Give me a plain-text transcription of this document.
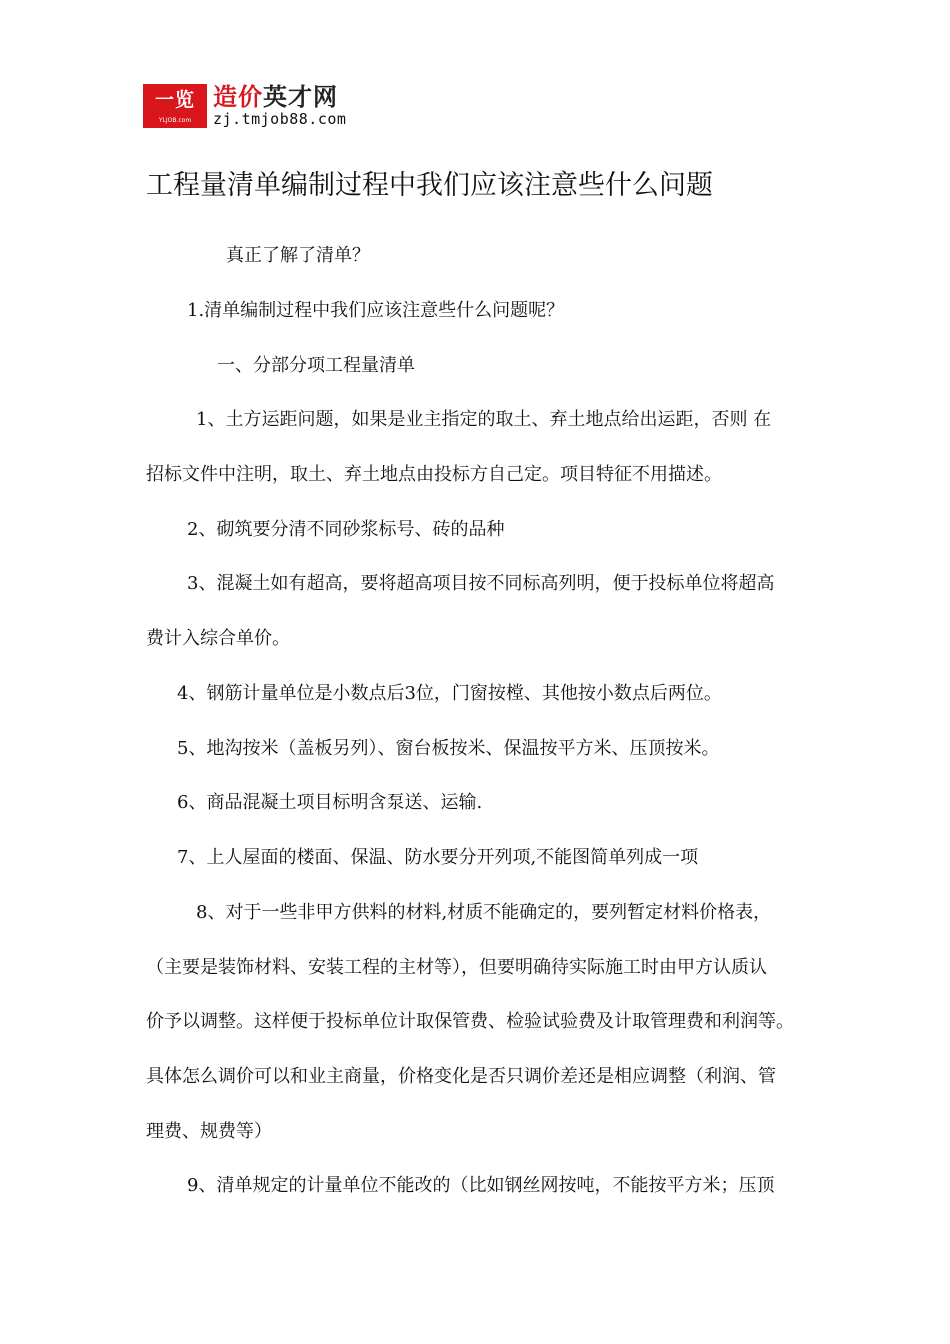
一览
YLJOB.com
造价英才网
zj.tmjob88.com
工程量清单编制过程中我们应该注意些什么问题
真正了解了清单？
1.清单编制过程中我们应该注意些什么问题呢？
一、分部分项工程量清单
1、土方运距问题，如果是业主指定的取土、弃土地点给出运距，否则 在
招标文件中注明，取土、弃土地点由投标方自己定。项目特征不用描述。
2、砌筑要分清不同砂浆标号、砖的品种
3、混凝土如有超高，要将超高项目按不同标高列明，便于投标单位将超高
费计入综合单价。
4、钢筋计量单位是小数点后3位，门窗按樘、其他按小数点后两位。
5、地沟按米（盖板另列）、窗台板按米、保温按平方米、压顶按米。
6、商品混凝土项目标明含泵送、运输.
7、上人屋面的楼面、保温、防水要分开列项,不能图简单列成一项
8、对于一些非甲方供料的材料,材质不能确定的，要列暂定材料价格表，
（主要是装饰材料、安装工程的主材等），但要明确待实际施工时由甲方认质认
价予以调整。这样便于投标单位计取保管费、检验试验费及计取管理费和利润等。
具体怎么调价可以和业主商量，价格变化是否只调价差还是相应调整（利润、管
理费、规费等）
9、清单规定的计量单位不能改的（比如钢丝网按吨，不能按平方米；压顶
